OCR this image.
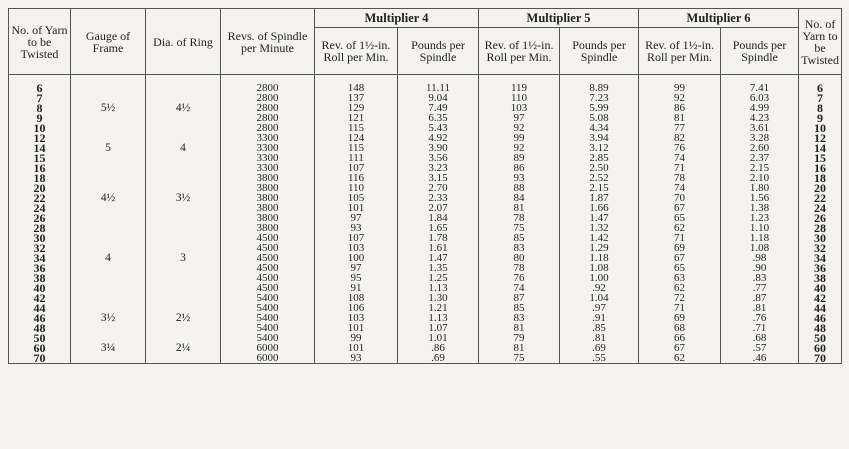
No. of Yarn to be Twisted	Gauge of Frame	Dia. of Ring	Revs. of Spindle per Minute	Multiplier 4		Multiplier 5		Multiplier 6		No. of Yarn to be Twisted
				Rev. of 1½-in. Roll per Min.	Pounds per Spindle	Rev. of 1½-in. Roll per Min.	Pounds per Spindle	Rev. of 1½-in. Roll per Min.	Pounds per Spindle	

6			2800	148	11.11	119	8.89	99	7.41	6
7			2800	137	9.04	110	7.23	92	6.03	7
8	5½	4½	2800	129	7.49	103	5.99	86	4.99	8
9			2800	121	6.35	97	5.08	81	4.23	9
10			2800	115	5.43	92	4.34	77	3.61	10
12			3300	124	4.92	99	3.94	82	3.28	12
14	5	4	3300	115	3.90	92	3.12	76	2.60	14
15			3300	111	3.56	89	2.85	74	2.37	15
16			3300	107	3.23	86	2.50	71	2.15	16
18			3800	116	3.15	93	2.52	78	2.10	18
20			3800	110	2.70	88	2.15	74	1.80	20
22	4½	3½	3800	105	2.33	84	1.87	70	1.56	22
24			3800	101	2.07	81	1.66	67	1.38	24
26			3800	97	1.84	78	1.47	65	1.23	26
28			3800	93	1.65	75	1.32	62	1.10	28
30			4500	107	1.78	85	1.42	71	1.18	30
32			4500	103	1.61	83	1.29	69	1.08	32
34	4	3	4500	100	1.47	80	1.18	67	.98	34
36			4500	97	1.35	78	1.08	65	.90	36
38			4500	95	1.25	76	1.00	63	.83	38
40			4500	91	1.13	74	.92	62	.77	40
42			5400	108	1.30	87	1.04	72	.87	42
44			5400	106	1.21	85	.97	71	.81	44
46	3½	2½	5400	103	1.13	83	.91	69	.76	46
48			5400	101	1.07	81	.85	68	.71	48
50			5400	99	1.01	79	.81	66	.68	50
60	3¼	2¼	6000	101	.86	81	.69	67	.57	60
70			6000	93	.69	75	.55	62	.46	70
